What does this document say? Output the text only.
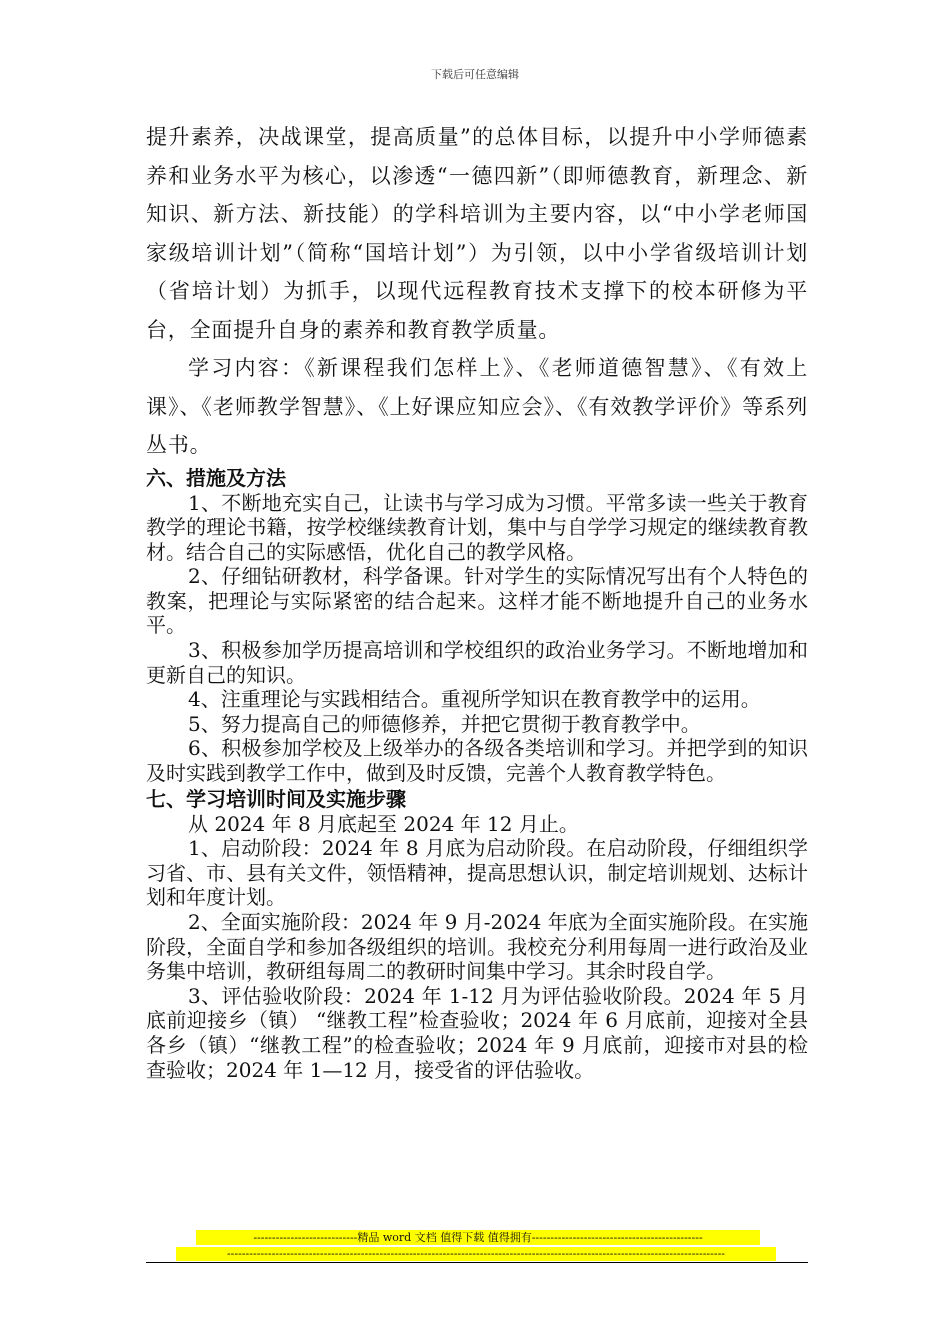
下载后可任意编辑

提升素养，决战课堂，提高质量”的总体目标，以提升中小学师德素养和业务水平为核心，以渗透“一德四新”（即师德教育，新理念、新知识、新方法、新技能）的学科培训为主要内容，以“中小学老师国家级培训计划”（简称“国培计划”）为引领，以中小学省级培训计划（省培计划）为抓手，以现代远程教育技术支撑下的校本研修为平台，全面提升自身的素养和教育教学质量。

学习内容：《新课程我们怎样上》、《老师道德智慧》、《有效上课》、《老师教学智慧》、《上好课应知应会》、《有效教学评价》等系列丛书。

六、措施及方法

1、不断地充实自己，让读书与学习成为习惯。平常多读一些关于教育教学的理论书籍，按学校继续教育计划，集中与自学学习规定的继续教育教材。结合自己的实际感悟，优化自己的教学风格。

2、仔细钻研教材，科学备课。针对学生的实际情况写出有个人特色的教案，把理论与实际紧密的结合起来。这样才能不断地提升自己的业务水平。

3、积极参加学历提高培训和学校组织的政治业务学习。不断地增加和更新自己的知识。

4、注重理论与实践相结合。重视所学知识在教育教学中的运用。

5、努力提高自己的师德修养，并把它贯彻于教育教学中。

6、积极参加学校及上级举办的各级各类培训和学习。并把学到的知识及时实践到教学工作中，做到及时反馈，完善个人教育教学特色。

七、学习培训时间及实施步骤

从 2024 年 8 月底起至 2024 年 12 月止。

1、启动阶段：2024 年 8 月底为启动阶段。在启动阶段，仔细组织学习省、市、县有关文件，领悟精神，提高思想认识，制定培训规划、达标计划和年度计划。

2、全面实施阶段：2024 年 9 月-2024 年底为全面实施阶段。在实施阶段，全面自学和参加各级组织的培训。我校充分利用每周一进行政治及业务集中培训，教研组每周二的教研时间集中学习。其余时段自学。

3、评估验收阶段：2024 年 1-12 月为评估验收阶段。2024 年 5 月底前迎接乡（镇） “继教工程”检查验收；2024 年 6 月底前，迎接对全县各乡（镇）“继教工程”的检查验收；2024 年 9 月底前，迎接市对县的检查验收；2024 年 1—12 月，接受省的评估验收。

----------------------------精品 word 文档 值得下载 值得拥有----------------------------------------------
--------------------------------------------------------------------------------------------------------------------------------------
